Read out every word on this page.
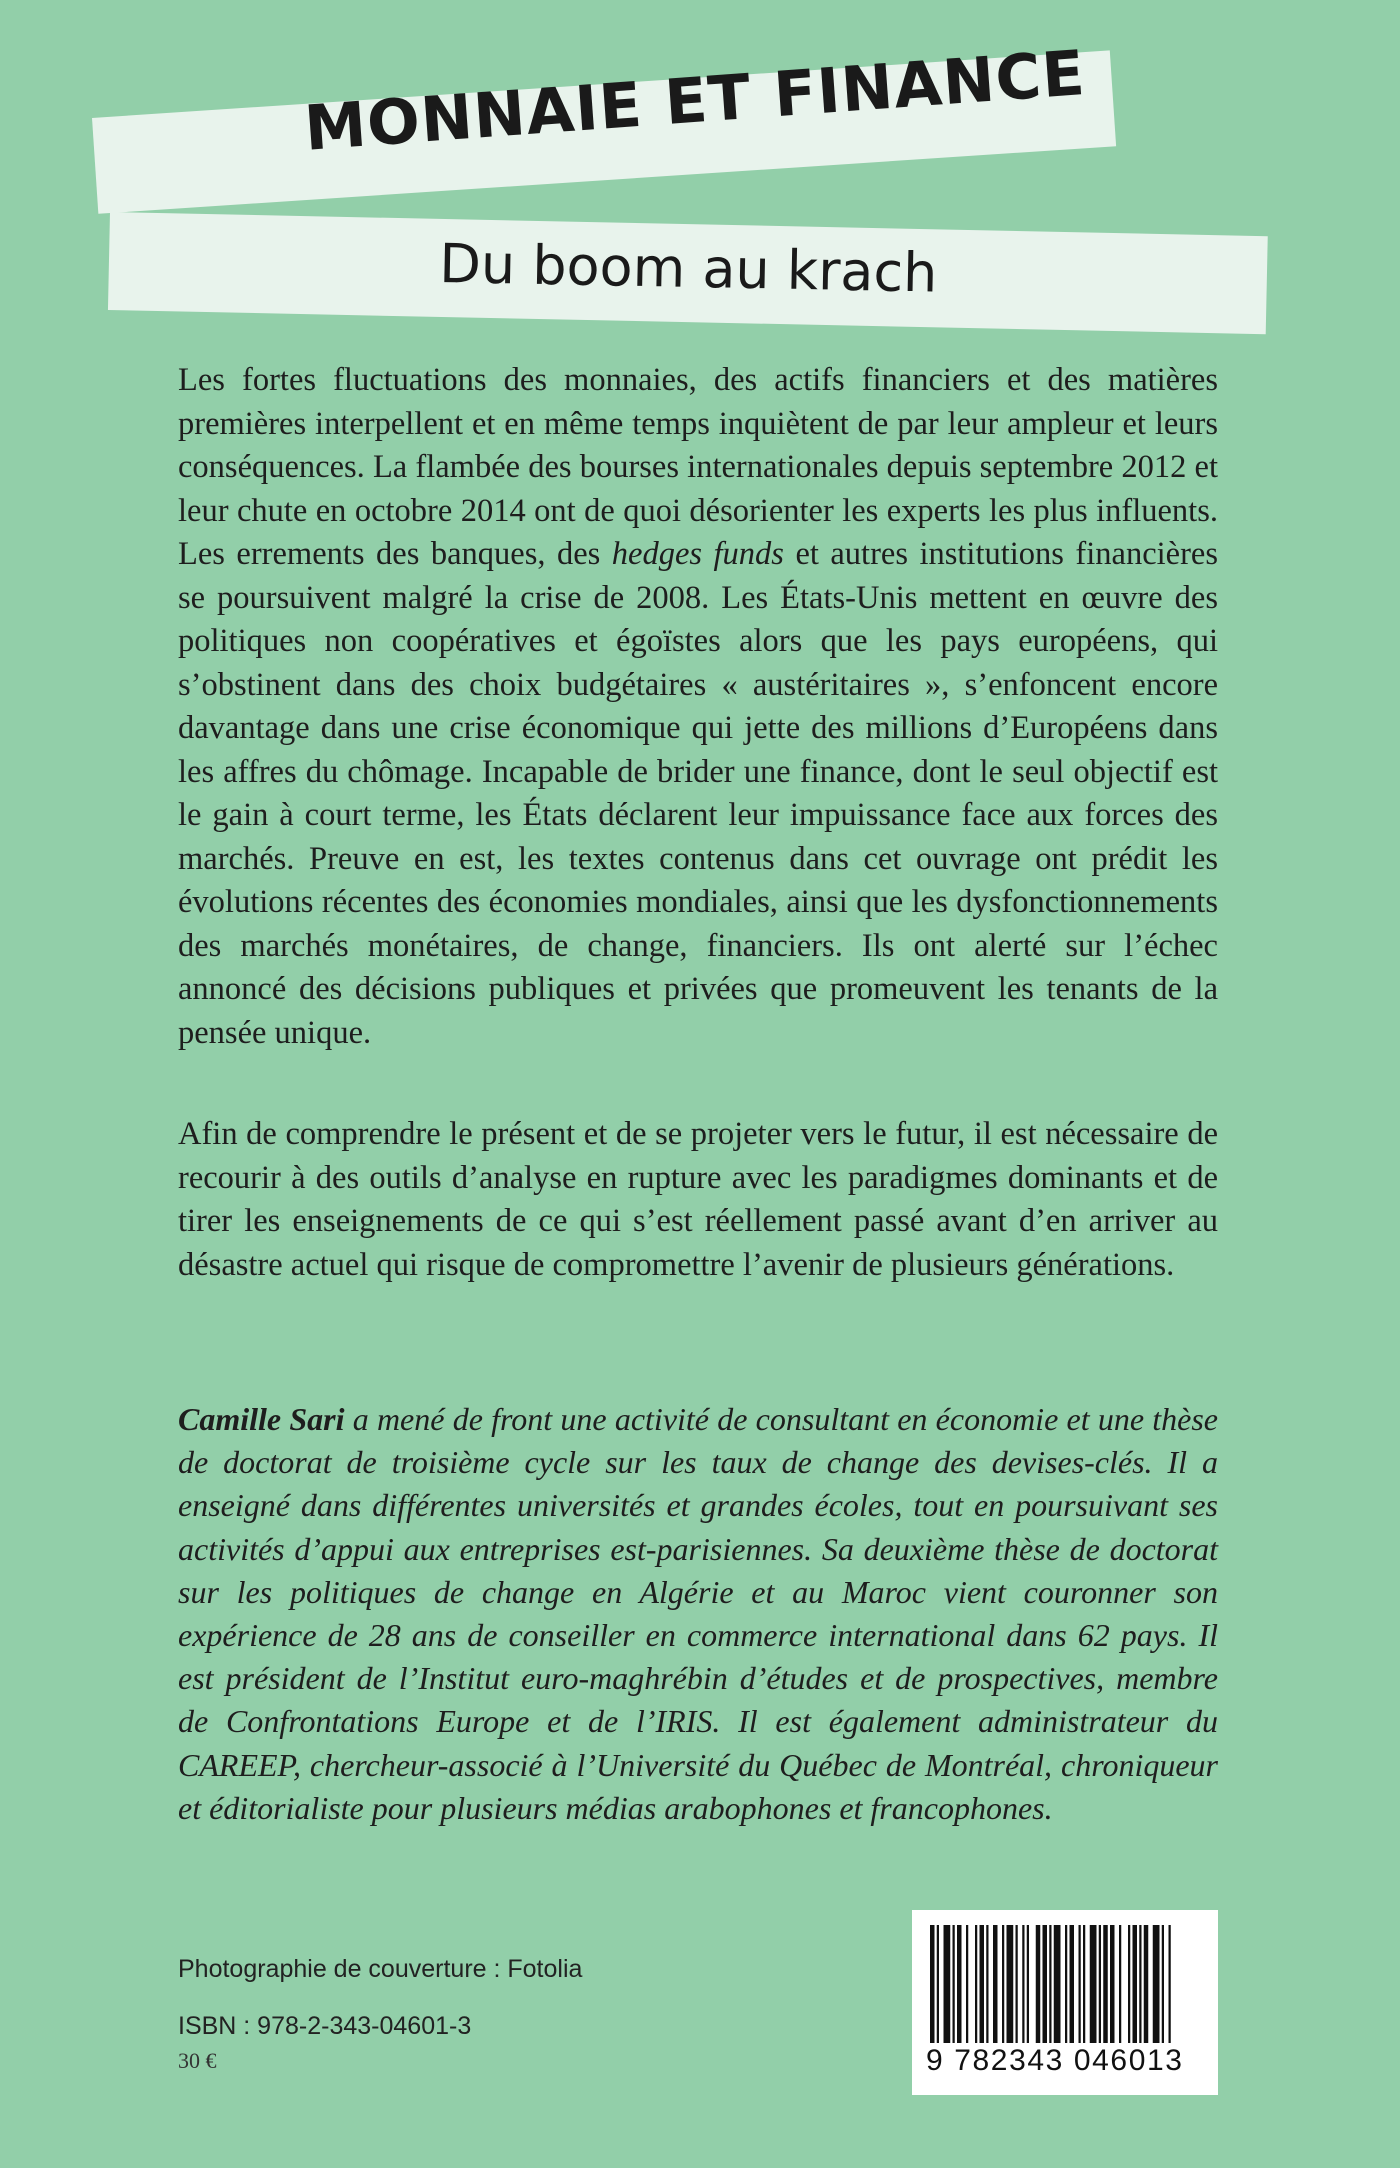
MONNAIE ET FINANCE
Du boom au krach
Les fortes fluctuations des monnaies, des actifs financiers et des matières premières interpellent et en même temps inquiètent de par leur ampleur et leurs conséquences. La flambée des bourses internationales depuis septembre 2012 et leur chute en octobre 2014 ont de quoi désorienter les experts les plus influents. Les errements des banques, des hedges funds et autres institutions financières se poursuivent malgré la crise de 2008. Les États-Unis mettent en œuvre des politiques non coopératives et égoïstes alors que les pays européens, qui s’obstinent dans des choix budgétaires « austéritaires », s’enfoncent encore davantage dans une crise économique qui jette des millions d’Européens dans les affres du chômage. Incapable de brider une finance, dont le seul objectif est le gain à court terme, les États déclarent leur impuissance face aux forces des marchés. Preuve en est, les textes contenus dans cet ouvrage ont prédit les évolutions récentes des économies mondiales, ainsi que les dysfonctionnements des marchés monétaires, de change, financiers. Ils ont alerté sur l’échec annoncé des décisions publiques et privées que promeuvent les tenants de la pensée unique.
Afin de comprendre le présent et de se projeter vers le futur, il est nécessaire de recourir à des outils d’analyse en rupture avec les paradigmes dominants et de tirer les enseignements de ce qui s’est réellement passé avant d’en arriver au désastre actuel qui risque de compromettre l’avenir de plusieurs générations.
Camille Sari a mené de front une activité de consultant en économie et une thèse de doctorat de troisième cycle sur les taux de change des devises-clés. Il a enseigné dans différentes universités et grandes écoles, tout en poursuivant ses activités d’appui aux entreprises est-parisiennes. Sa deuxième thèse de doctorat sur les politiques de change en Algérie et au Maroc vient couronner son expérience de 28 ans de conseiller en commerce international dans 62 pays. Il est président de l’Institut euro-maghrébin d’études et de prospectives, membre de Confrontations Europe et de l’IRIS. Il est également administrateur du CAREEP, chercheur-associé à l’Université du Québec de Montréal, chroniqueur et éditorialiste pour plusieurs médias arabophones et francophones.
Photographie de couverture : Fotolia
ISBN : 978-2-343-04601-3
30 €	9 782343 046013
